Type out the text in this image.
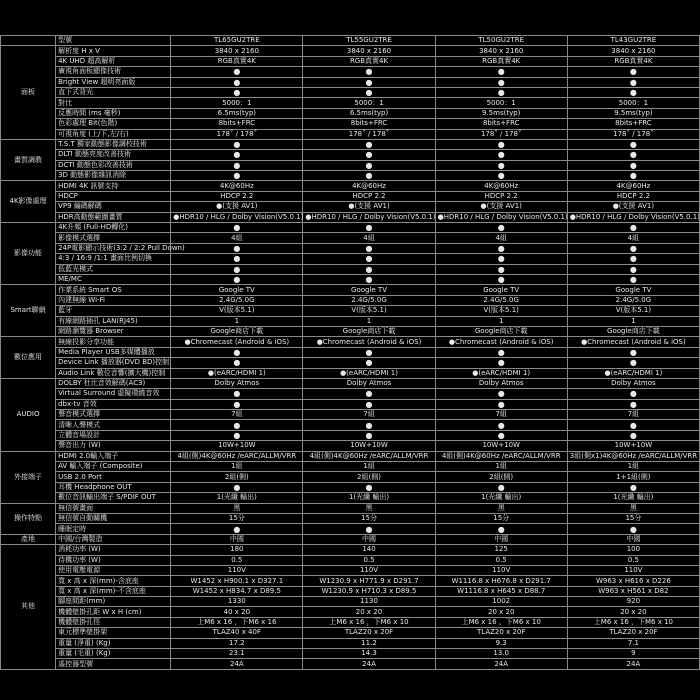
	型號	TL65GU2TRE	TL55GU2TRE	TL50GU2TRE	TL43GU2TRE
面板	解析度 H x V	3840 x 2160	3840 x 2160	3840 x 2160	3840 x 2160
	4K UHD 超高解析	RGB真實4K	RGB真實4K	RGB真實4K	RGB真實4K
	廣視角面板顯像技術	●	●	●	●
	Bright View 超明亮面版	●	●	●	●
	直下式背光	●	●	●	●
	對比	5000：1	5000：1	5000：1	5000：1
	反應時間 (ms 毫秒)	6.5ms(typ)	6.5ms(typ)	9.5ms(typ)	9.5ms(typ)
	色彩處理 Bit(色階)	8bits+FRC	8bits+FRC	8bits+FRC	8bits+FRC
	可視角度 (上/下,左/右)	178˚ / 178˚	178˚ / 178˚	178˚ / 178˚	178˚ / 178˚
畫質調教	T.S.T 獨家動態影像調校技術	●	●	●	●
	DLTI 動態亮度改善技術	●	●	●	●
	DCTI 動態色彩改善技術	●	●	●	●
	3D 動態影像雜訊消除	●	●	●	●
4K影像處理	HDMI 4K 訊號支持	4K@60Hz	4K@60Hz	4K@60Hz	4K@60Hz
	HDCP	HDCP 2.2	HDCP 2.2	HDCP 2.2	HDCP 2.2
	VP9 編碼解碼	●(支援 AV1)	●(支援 AV1)	●(支援 AV1)	●(支援 AV1)
	HDR高動態範圍畫質	●HDR10 / HLG / Dolby Vision(V5.0.1)	●HDR10 / HLG / Dolby Vision(V5.0.1)	●HDR10 / HLG / Dolby Vision(V5.0.1)	●HDR10 / HLG / Dolby Vision(V5.0.1)
影像功能	4K升頻 (Full-HD轉化)	●	●	●	●
	影像模式選擇	4組	4組	4組	4組
	24P電影顯示技術(3:2 / 2:2 Pull Down)	●	●	●	●
	4:3 / 16:9 /1:1 畫面比例切換	●	●	●	●
	低藍光模式	●	●	●	●
	ME/MC	●	●	●	●
Smart聯網	作業系統 Smart OS	Google TV	Google TV	Google TV	Google TV
	內建無線 Wi-Fi	2.4G/5.0G	2.4G/5.0G	2.4G/5.0G	2.4G/5.0G
	藍牙	V(版本5.1)	V(版本5.1)	V(版本5.1)	V(版本5.1)
	有線網路插孔 LAN(RJ45)	1	1	1	1
	網路瀏覽器 Browser	Google商店下載	Google商店下載	Google商店下載	Google商店下載
數位應用	無線投影分享功能	●Chromecast (Android & iOS)	●Chromecast (Android & iOS)	●Chromecast (Android & iOS)	●Chromecast (Android & iOS)
	Media Player USB多媒體播放	●	●	●	●
	Device Link 播放器(DVD BD)控制	●	●	●	●
	Audio Link 數位音響(擴大機)控制	●(eARC/HDMI 1)	●(eARC/HDMI 1)	●(eARC/HDMI 1)	●(eARC/HDMI 1)
AUDIO	DOLBY 杜比音效解碼(AC3)	Dolby Atmos	Dolby Atmos	Dolby Atmos	Dolby Atmos
	Virtual Surround 虛擬環繞音效	●	●	●	●
	dbx-tv 音效	●	●	●	●
	聲音模式選擇	7組	7組	7組	7組
	清晰人聲模式	●	●	●	●
	立體音場設計	●	●	●	●
	聲音出力 (W)	10W+10W	10W+10W	10W+10W	10W+10W
外接端子	HDMI 2.0輸入端子	4組(側)4K@60Hz /eARC/ALLM/VRR	4組(側)4K@60Hz /eARC/ALLM/VRR	4組(側)4K@60Hz /eARC/ALLM/VRR	3組(側x1)4K@60Hz /eARC/ALLM/VRR
	AV 輸入端子 (Composite)	1組	1組	1組	1組
	USB 2.0 Port	2組(側)	2組(側)	2組(側)	1+1組(側)
	耳機 Headphone OUT	●	●	●	●
	數位音訊輸出端子 S/PDIF OUT	1(光纖 輸出)	1(光纖 輸出)	1(光纖 輸出)	1(光纖 輸出)
操作特點	無信號畫面	黑	黑	黑	黑
	無信號自動關機	15分	15分	15分	15分
	睡眠定時	●	●	●	●
產地	中國/台灣製造	中國	中國	中國	中國
其他	消耗功率 (W)	180	140	125	100
	待機功率 (W)	0.5	0.5	0.5	0.5
	使用電壓電源	110V	110V	110V	110V
	寬 x 高 x 深(mm)-含底座	W1452 x H900.1 x D327.1	W1230.9 x H771.9 x D291.7	W1116.8 x H676.8 x D291.7	W963 x H616 x D226
	寬 x 高 x 深(mm)-不含底座	W1452 x H834.7 x D89.5	W1230.9 x H710.3 x D89.5	W1116.8 x H645 x D88.7	W963 x H561 x D82
	腳座間距(mm)	1330	1130	1002	920
	機體壁掛孔距 W x H (cm)	40 x 20	20 x 20	20 x 20	20 x 20
	機體壁掛孔徑	上M6 x 16 ，下M6 x 16	上M6 x 16 ，下M6 x 10	上M6 x 16 ，下M6 x 10	上M6 x 16 ，下M6 x 10
	東元標準壁掛架	TLAZ40 x 40F	TLAZ20 x 20F	TLAZ20 x 20F	TLAZ20 x 20F
	重量 (淨重) (Kg)	17.2	11.2	9.3	7.1
	重量 (毛重) (Kg)	23.1	14.3	13.0	9
	遙控器型號	24A	24A	24A	24A
